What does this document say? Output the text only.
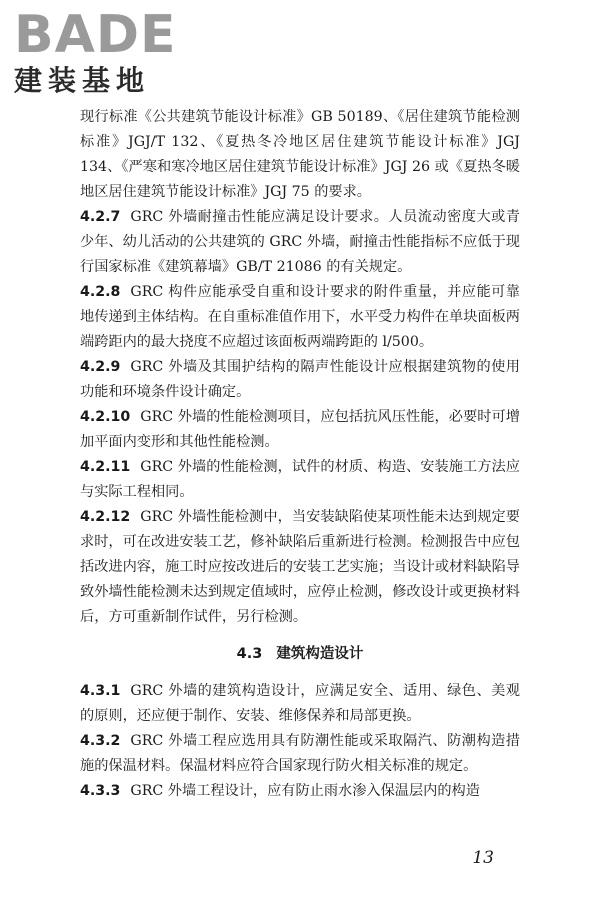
BADE
建装基地

现行标准《公共建筑节能设计标准》GB 50189、《居住建筑节能检测标准》JGJ/T 132、《夏热冬冷地区居住建筑节能设计标准》JGJ 134、《严寒和寒冷地区居住建筑节能设计标准》JGJ 26 或《夏热冬暖地区居住建筑节能设计标准》JGJ 75 的要求。

4.2.7 GRC 外墙耐撞击性能应满足设计要求。人员流动密度大或青少年、幼儿活动的公共建筑的 GRC 外墙，耐撞击性能指标不应低于现行国家标准《建筑幕墙》GB/T 21086 的有关规定。

4.2.8 GRC 构件应能承受自重和设计要求的附件重量，并应能可靠地传递到主体结构。在自重标准值作用下，水平受力构件在单块面板两端跨距内的最大挠度不应超过该面板两端跨距的 l/500。

4.2.9 GRC 外墙及其围护结构的隔声性能设计应根据建筑物的使用功能和环境条件设计确定。

4.2.10 GRC 外墙的性能检测项目，应包括抗风压性能，必要时可增加平面内变形和其他性能检测。

4.2.11 GRC 外墙的性能检测，试件的材质、构造、安装施工方法应与实际工程相同。

4.2.12 GRC 外墙性能检测中，当安装缺陷使某项性能未达到规定要求时，可在改进安装工艺，修补缺陷后重新进行检测。检测报告中应包括改进内容，施工时应按改进后的安装工艺实施；当设计或材料缺陷导致外墙性能检测未达到规定值域时，应停止检测，修改设计或更换材料后，方可重新制作试件，另行检测。

4.3 建筑构造设计

4.3.1 GRC 外墙的建筑构造设计，应满足安全、适用、绿色、美观的原则，还应便于制作、安装、维修保养和局部更换。

4.3.2 GRC 外墙工程应选用具有防潮性能或采取隔汽、防潮构造措施的保温材料。保温材料应符合国家现行防火相关标准的规定。

4.3.3 GRC 外墙工程设计，应有防止雨水渗入保温层内的构造

13
